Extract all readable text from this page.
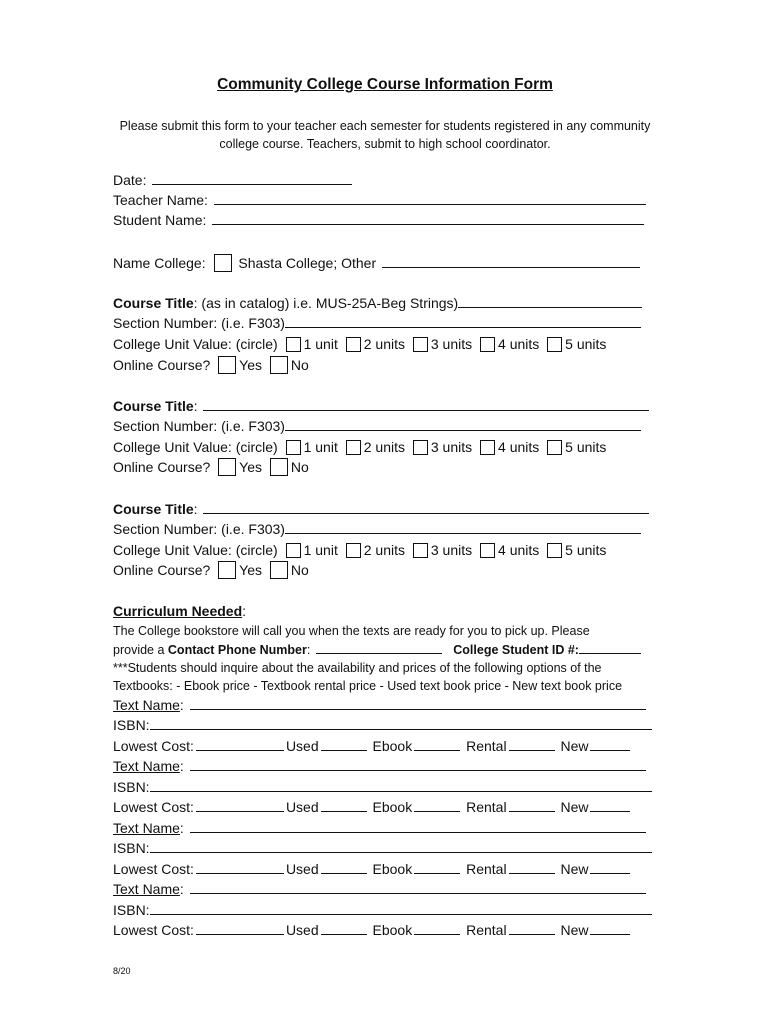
Community College Course Information Form
Please submit this form to your teacher each semester for students registered in any community college course. Teachers, submit to high school coordinator.
Date:
Teacher Name:
Student Name:
Name College: Shasta College; Other
Course Title: (as in catalog) i.e. MUS-25A-Beg Strings)
Section Number: (i.e. F303)
College Unit Value: (circle) 1 unit 2 units 3 units 4 units 5 units
Online Course? Yes No
Course Title:
Section Number: (i.e. F303)
College Unit Value: (circle) 1 unit 2 units 3 units 4 units 5 units
Online Course? Yes No
Course Title:
Section Number: (i.e. F303)
College Unit Value: (circle) 1 unit 2 units 3 units 4 units 5 units
Online Course? Yes No
Curriculum Needed:
The College bookstore will call you when the texts are ready for you to pick up. Please
provide a Contact Phone Number:	College Student ID #:
***Students should inquire about the availability and prices of the following options of the
Textbooks: - Ebook price - Textbook rental price - Used text book price - New text book price
Text Name:
ISBN:
Lowest Cost:	Used	Ebook	Rental	New
Text Name:
ISBN:
Lowest Cost:	Used	Ebook	Rental	New
Text Name:
ISBN:
Lowest Cost:	Used	Ebook	Rental	New
Text Name:
ISBN:
Lowest Cost:	Used	Ebook	Rental	New
8/20
